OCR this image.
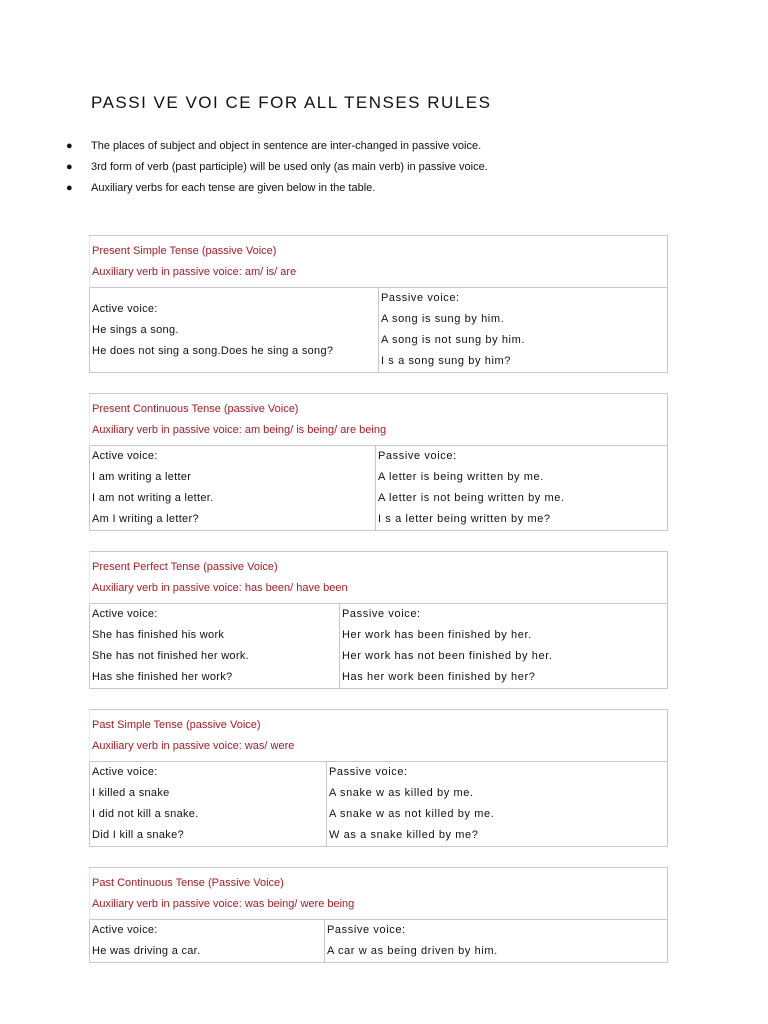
PASSI VE VOI CE FOR ALL TENSES RULES
● The places of subject and object in sentence are inter-changed in passive voice.
● 3rd form of verb (past participle) will be used only (as main verb) in passive voice.
● Auxiliary verbs for each tense are given below in the table.
Present Simple Tense (passive Voice)
Auxiliary verb in passive voice: am/ is/ are
Active voice:
He sings a song.
He does not sing a song.Does he sing a song?
Passive voice:
A song is sung by him.
A song is not sung by him.
I s a song sung by him?
Present Continuous Tense (passive Voice)
Auxiliary verb in passive voice: am being/ is being/ are being
Active voice:
I am writing a letter
I am not writing a letter.
Am I writing a letter?
Passive voice:
A letter is being written by me.
A letter is not being written by me.
I s a letter being written by me?
Present Perfect Tense (passive Voice)
Auxiliary verb in passive voice: has been/ have been
Active voice:
She has finished his work
She has not finished her work.
Has she finished her work?
Passive voice:
Her work has been finished by her.
Her work has not been finished by her.
Has her work been finished by her?
Past Simple Tense (passive Voice)
Auxiliary verb in passive voice: was/ were
Active voice:
I killed a snake
I did not kill a snake.
Did I kill a snake?
Passive voice:
A snake w as killed by me.
A snake w as not killed by me.
W as a snake killed by me?
Past Continuous Tense (Passive Voice)
Auxiliary verb in passive voice: was being/ were being
Active voice:
He was driving a car.
Passive voice:
A car w as being driven by him.
